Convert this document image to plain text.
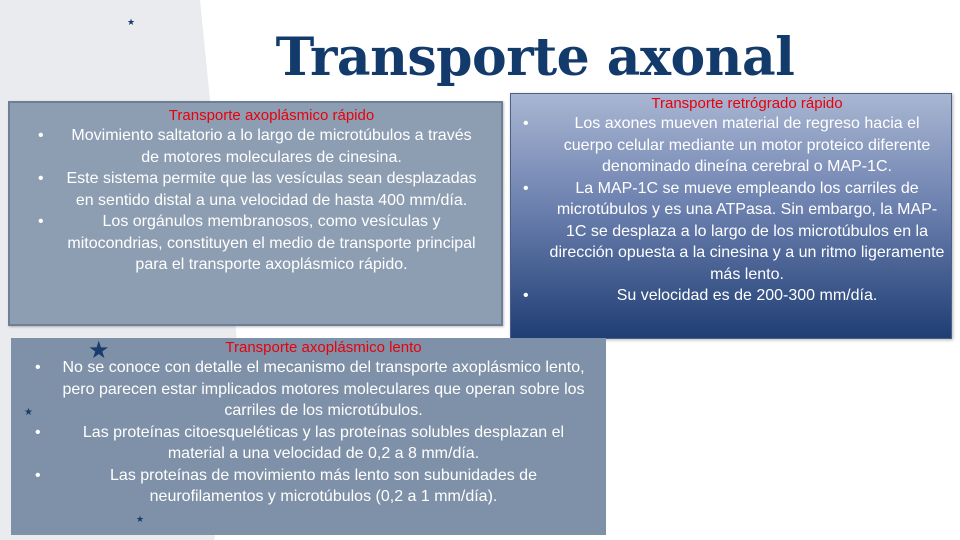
★
Transporte axonal

Transporte axoplásmico rápido

• Movimiento saltatorio a lo largo de microtúbulos a través de motores moleculares de cinesina.
• Este sistema permite que las vesículas sean desplazadas en sentido distal a una velocidad de hasta 400 mm/día.
•	Los orgánulos membranosos, como vesículas y mitocondrias, constituyen el medio de transporte principal para el transporte axoplásmico rápido.

Transporte retrógrado rápido

•	Los axones mueven material de regreso hacia el cuerpo celular mediante un motor proteico diferente denominado dineína cerebral o MAP-1C.
•	La MAP-1C se mueve empleando los carriles de microtúbulos y es una ATPasa. Sin embargo, la MAP-1C se desplaza a lo largo de los microtúbulos en la dirección opuesta a la cinesina y a un ritmo ligeramente más lento.
•	Su velocidad es de 200-300 mm/día.

Transporte axoplásmico lento

• No se conoce con detalle el mecanismo del transporte axoplásmico lento, pero parecen estar implicados motores moleculares que operan sobre los carriles de los microtúbulos.
•	Las proteínas citoesqueléticas y las proteínas solubles desplazan el material a una velocidad de 0,2 a 8 mm/día.
•	Las proteínas de movimiento más lento son subunidades de neurofilamentos y microtúbulos (0,2 a 1 mm/día).
★
★
★
